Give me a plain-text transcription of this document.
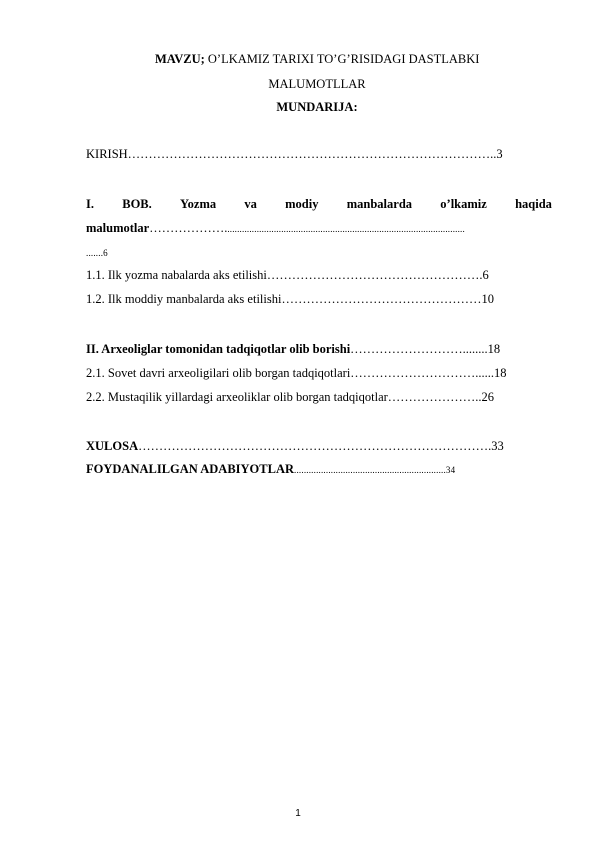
MAVZU; O’LKAMIZ TARIXI TO’G’RISIDAGI DASTLABKI
MALUMOTLLAR
MUNDARIJA:
KIRISH……………………………………………………………………………..3
I. BOB. Yozma va modiy manbalarda o’lkamiz haqida
malumotlar………………..................................................................................................
.......6
1.1. Ilk yozma nabalarda aks etilishi…………………………………………….6
1.2. Ilk moddiy manbalarda aks etilishi…………………………………………10
II. Arxeoliglar tomonidan tadqiqotlar olib borishi………………………........18
2.1. Sovet davri arxeoligilari olib borgan tadqiqotlari…………………………......18
2.2. Mustaqilik yillardagi arxeoliklar olib borgan tadqiqotlar…………………..26
XULOSA………………………………………………………………………….33
FOYDANALILGAN ADABIYOTLAR..............................................................34
1
